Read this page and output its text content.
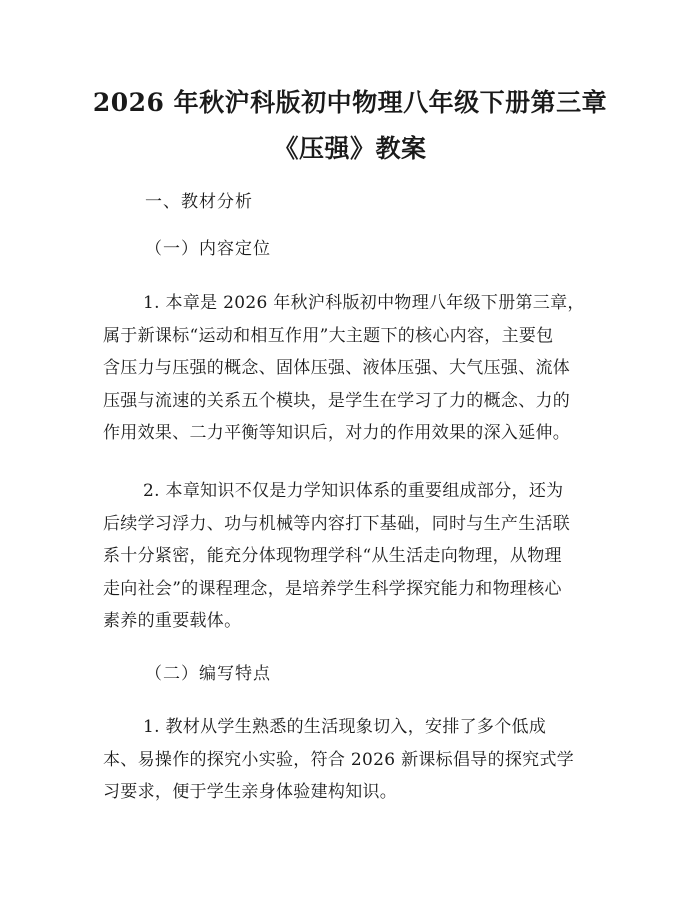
2026 年秋沪科版初中物理八年级下册第三章
《压强》教案
一、教材分析
（一）内容定位
1. 本章是 2026 年秋沪科版初中物理八年级下册第三章，
属于新课标“运动和相互作用”大主题下的核心内容，主要包
含压力与压强的概念、固体压强、液体压强、大气压强、流体
压强与流速的关系五个模块，是学生在学习了力的概念、力的
作用效果、二力平衡等知识后，对力的作用效果的深入延伸。
2. 本章知识不仅是力学知识体系的重要组成部分，还为
后续学习浮力、功与机械等内容打下基础，同时与生产生活联
系十分紧密，能充分体现物理学科“从生活走向物理，从物理
走向社会”的课程理念，是培养学生科学探究能力和物理核心
素养的重要载体。
（二）编写特点
1. 教材从学生熟悉的生活现象切入，安排了多个低成
本、易操作的探究小实验，符合 2026 新课标倡导的探究式学
习要求，便于学生亲身体验建构知识。
